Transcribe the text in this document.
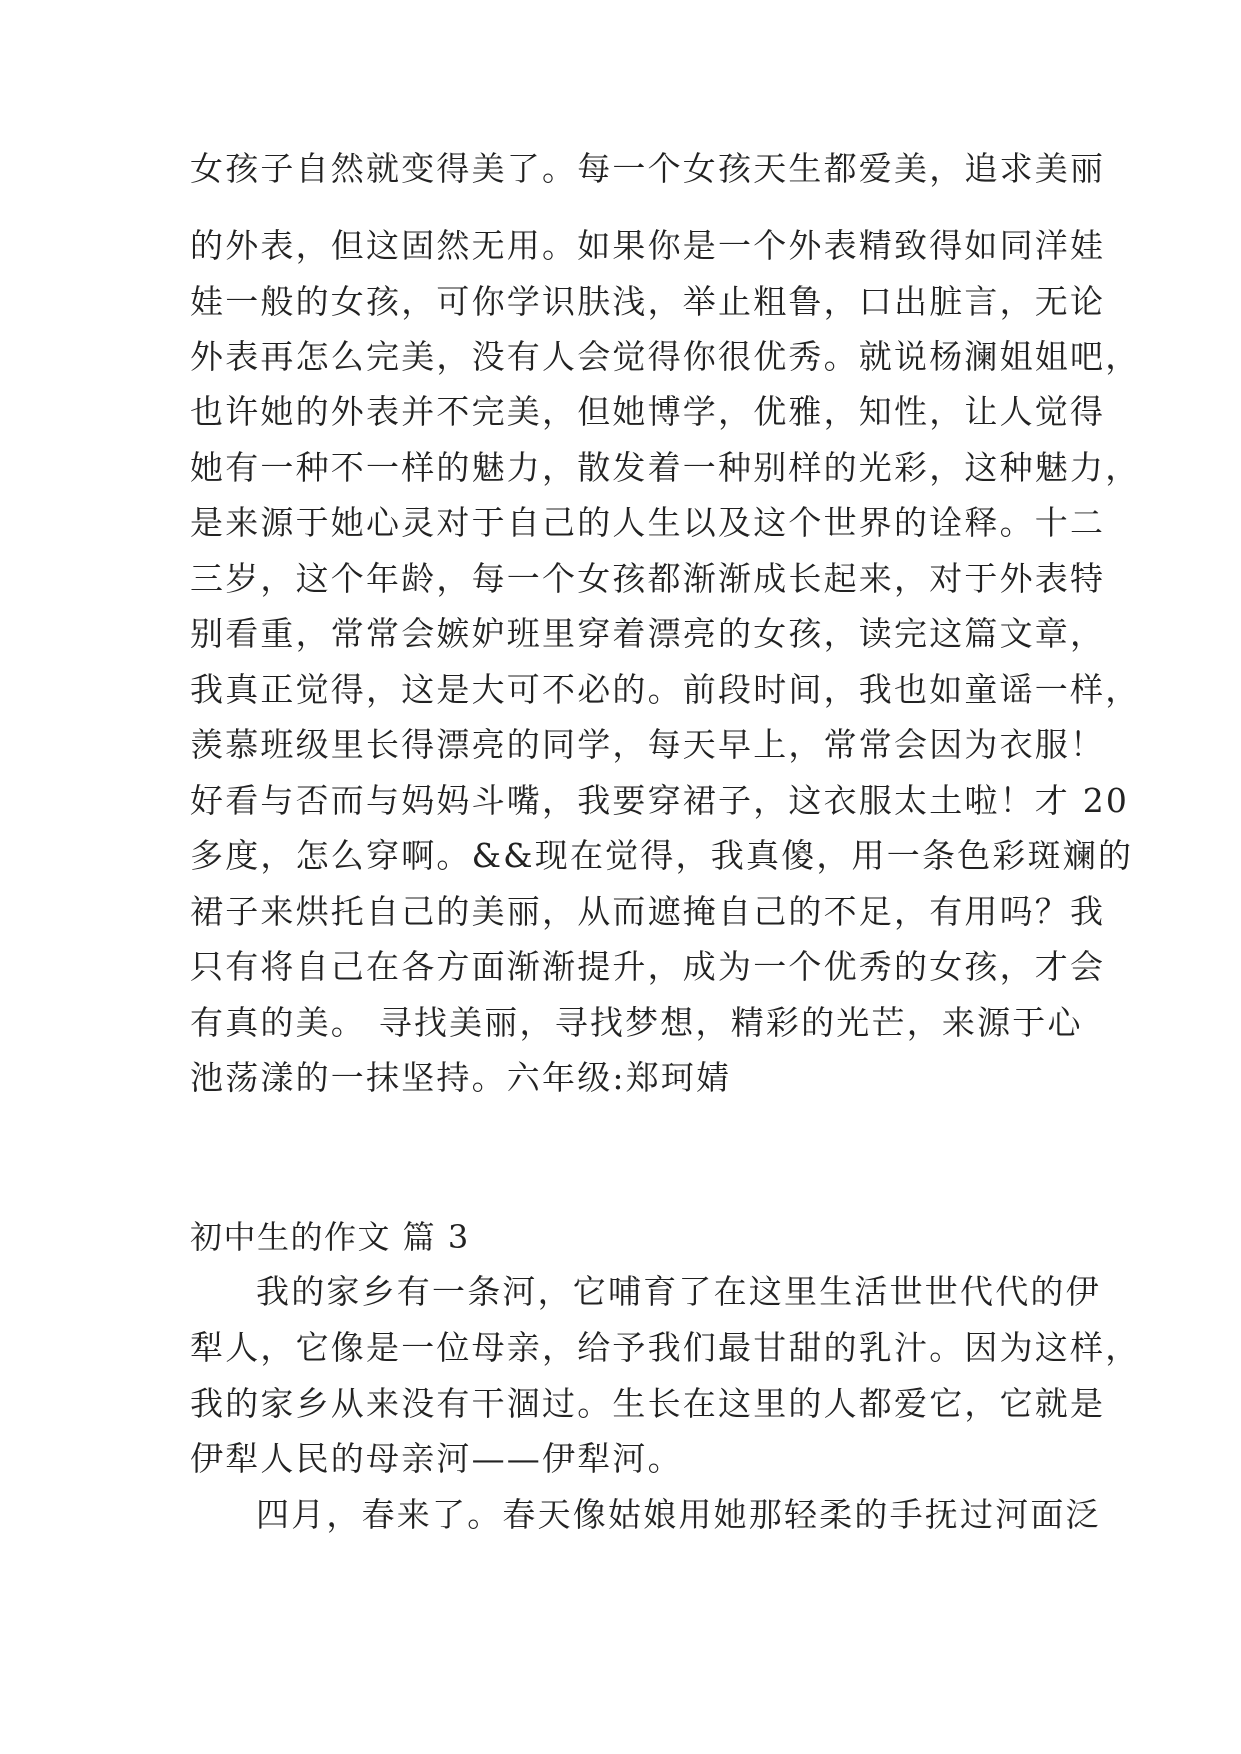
女孩子自然就变得美了。每一个女孩天生都爱美，追求美丽
的外表，但这固然无用。如果你是一个外表精致得如同洋娃
娃一般的女孩，可你学识肤浅，举止粗鲁，口出脏言，无论
外表再怎么完美，没有人会觉得你很优秀。就说杨澜姐姐吧，
也许她的外表并不完美，但她博学，优雅，知性，让人觉得
她有一种不一样的魅力，散发着一种别样的光彩，这种魅力，
是来源于她心灵对于自己的人生以及这个世界的诠释。十二
三岁，这个年龄，每一个女孩都渐渐成长起来，对于外表特
别看重，常常会嫉妒班里穿着漂亮的女孩，读完这篇文章，
我真正觉得，这是大可不必的。前段时间，我也如童谣一样，
羡慕班级里长得漂亮的同学，每天早上，常常会因为衣服！
好看与否而与妈妈斗嘴，我要穿裙子，这衣服太土啦！才 20
多度，怎么穿啊。&&现在觉得，我真傻，用一条色彩斑斓的
裙子来烘托自己的美丽，从而遮掩自己的不足，有用吗？我
只有将自己在各方面渐渐提升，成为一个优秀的女孩，才会
有真的美。 寻找美丽，寻找梦想，精彩的光芒，来源于心
池荡漾的一抹坚持。六年级:郑珂婧
初中生的作文 篇 3
我的家乡有一条河，它哺育了在这里生活世世代代的伊
犁人，它像是一位母亲，给予我们最甘甜的乳汁。因为这样，
我的家乡从来没有干涸过。生长在这里的人都爱它，它就是
伊犁人民的母亲河——伊犁河。
四月，春来了。春天像姑娘用她那轻柔的手抚过河面泛
